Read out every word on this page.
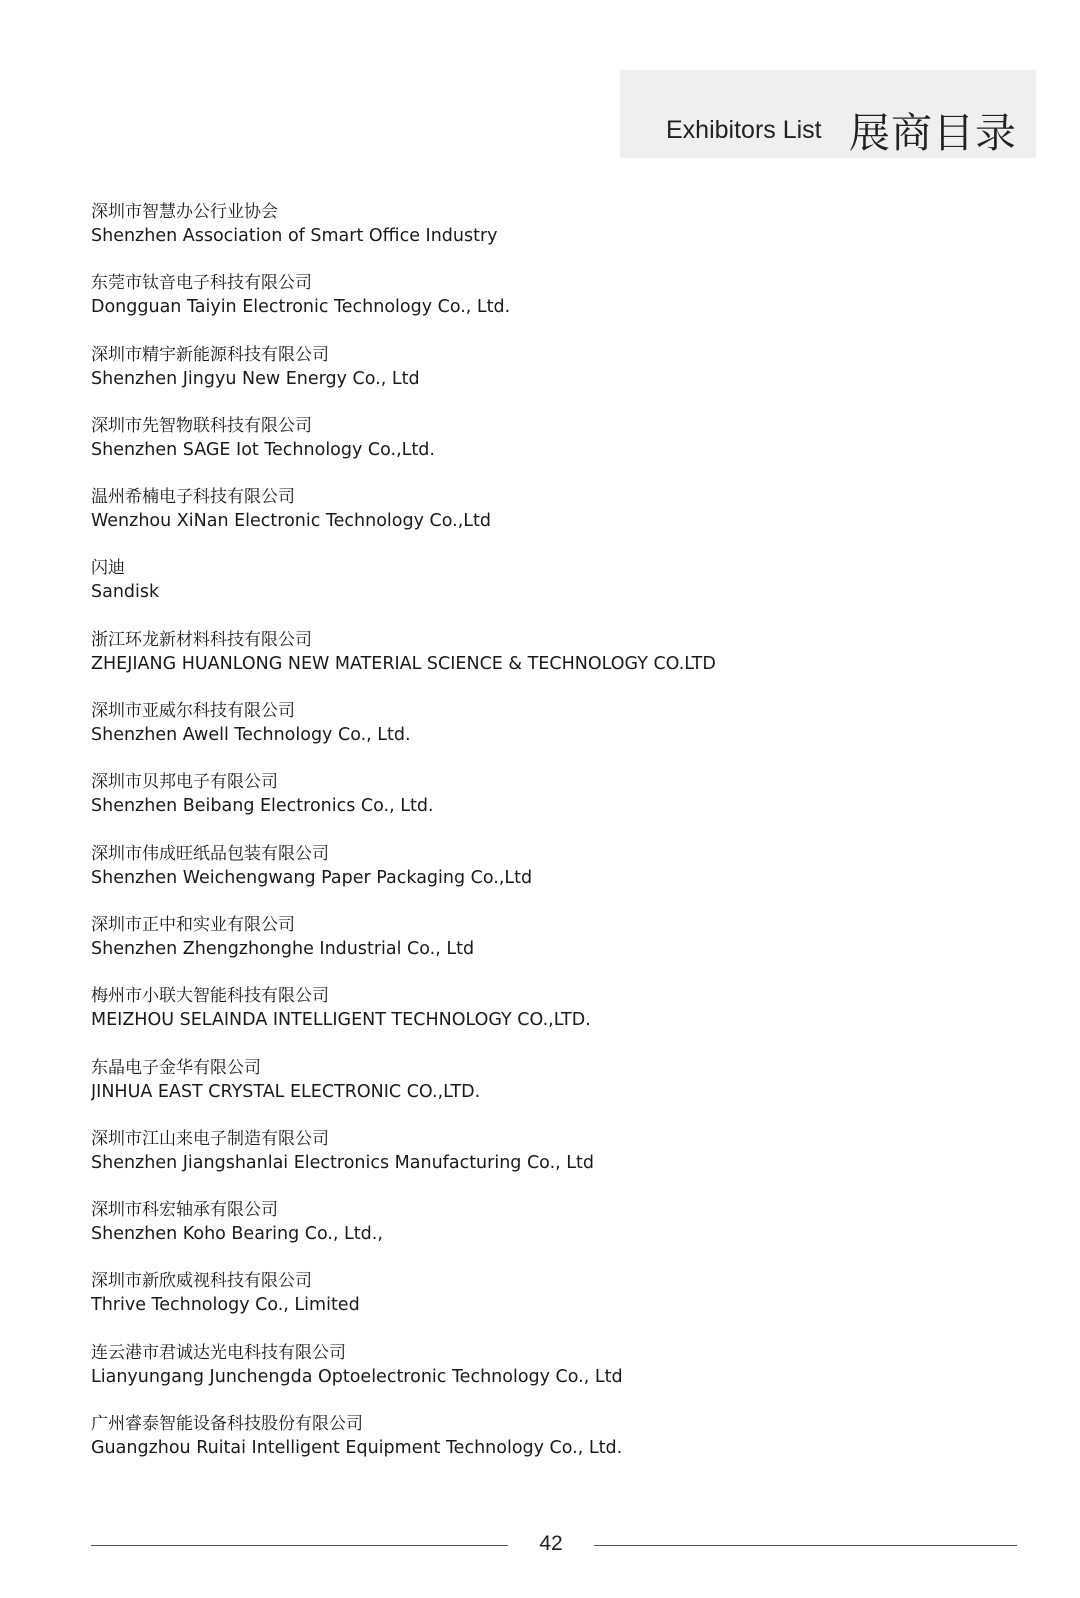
Exhibitors List 展商目录
深圳市智慧办公行业协会
Shenzhen Association of Smart Office Industry
东莞市钛音电子科技有限公司
Dongguan Taiyin Electronic Technology Co., Ltd.
深圳市精宇新能源科技有限公司
Shenzhen Jingyu New Energy Co., Ltd
深圳市先智物联科技有限公司
Shenzhen SAGE Iot Technology Co.,Ltd.
温州希楠电子科技有限公司
Wenzhou XiNan Electronic Technology Co.,Ltd
闪迪
Sandisk
浙江环龙新材料科技有限公司
ZHEJIANG HUANLONG NEW MATERIAL SCIENCE & TECHNOLOGY CO.LTD
深圳市亚威尔科技有限公司
Shenzhen Awell Technology Co., Ltd.
深圳市贝邦电子有限公司
Shenzhen Beibang Electronics Co., Ltd.
深圳市伟成旺纸品包装有限公司
Shenzhen Weichengwang Paper Packaging Co.,Ltd
深圳市正中和实业有限公司
Shenzhen Zhengzhonghe Industrial Co., Ltd
梅州市小联大智能科技有限公司
MEIZHOU SELAINDA INTELLIGENT TECHNOLOGY CO.,LTD.
东晶电子金华有限公司
JINHUA EAST CRYSTAL ELECTRONIC CO.,LTD.
深圳市江山来电子制造有限公司
Shenzhen Jiangshanlai Electronics Manufacturing Co., Ltd
深圳市科宏轴承有限公司
Shenzhen Koho Bearing Co., Ltd.,
深圳市新欣威视科技有限公司
Thrive Technology Co., Limited
连云港市君诚达光电科技有限公司
Lianyungang Junchengda Optoelectronic Technology Co., Ltd
广州睿泰智能设备科技股份有限公司
Guangzhou Ruitai Intelligent Equipment Technology Co., Ltd.
42
